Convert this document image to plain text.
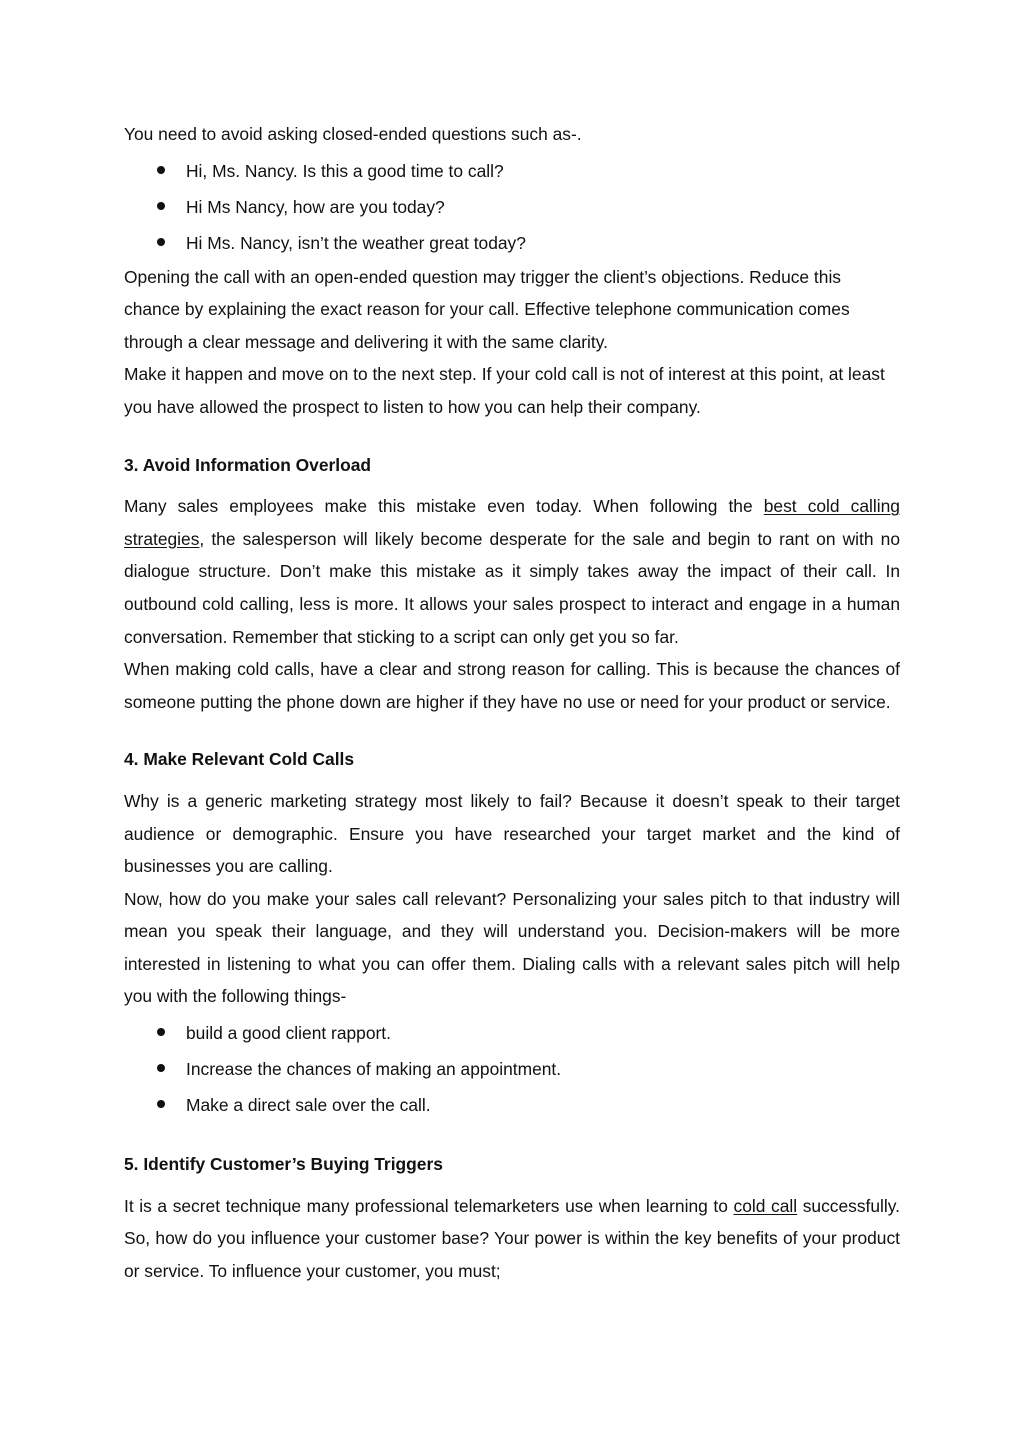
You need to avoid asking closed-ended questions such as-.

Hi, Ms. Nancy. Is this a good time to call?
Hi Ms Nancy, how are you today?
Hi Ms. Nancy, isn’t the weather great today?

Opening the call with an open-ended question may trigger the client’s objections. Reduce this chance by explaining the exact reason for your call. Effective telephone communication comes through a clear message and delivering it with the same clarity.

Make it happen and move on to the next step. If your cold call is not of interest at this point, at least you have allowed the prospect to listen to how you can help their company.

3. Avoid Information Overload

Many sales employees make this mistake even today. When following the best cold calling strategies, the salesperson will likely become desperate for the sale and begin to rant on with no dialogue structure. Don’t make this mistake as it simply takes away the impact of their call. In outbound cold calling, less is more. It allows your sales prospect to interact and engage in a human conversation. Remember that sticking to a script can only get you so far.

When making cold calls, have a clear and strong reason for calling. This is because the chances of someone putting the phone down are higher if they have no use or need for your product or service.

4. Make Relevant Cold Calls

Why is a generic marketing strategy most likely to fail? Because it doesn’t speak to their target audience or demographic. Ensure you have researched your target market and the kind of businesses you are calling.

Now, how do you make your sales call relevant? Personalizing your sales pitch to that industry will mean you speak their language, and they will understand you. Decision-makers will be more interested in listening to what you can offer them. Dialing calls with a relevant sales pitch will help you with the following things-

build a good client rapport.
Increase the chances of making an appointment.
Make a direct sale over the call.
5. Identify Customer’s Buying Triggers

It is a secret technique many professional telemarketers use when learning to cold call successfully. So, how do you influence your customer base? Your power is within the key benefits of your product or service. To influence your customer, you must;
